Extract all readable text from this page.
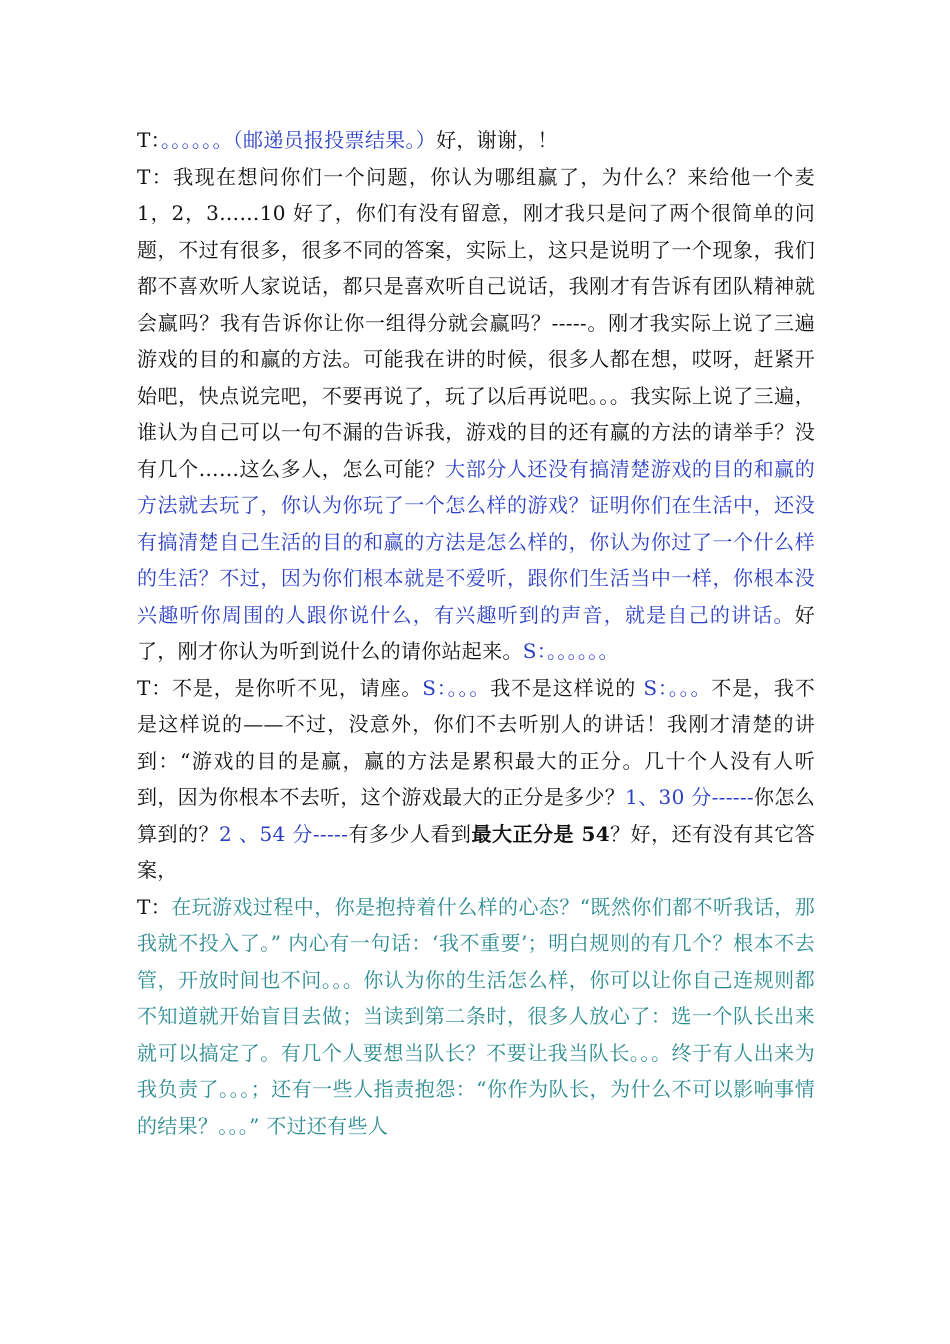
T：。。。。。。（邮递员报投票结果。）好，谢谢，！

T：我现在想问你们一个问题，你认为哪组赢了，为什么？来给他一个麦 1，2，3……10 好了，你们有没有留意，刚才我只是问了两个很简单的问题，不过有很多，很多不同的答案，实际上，这只是说明了一个现象，我们都不喜欢听人家说话，都只是喜欢听自己说话，我刚才有告诉有团队精神就会赢吗？我有告诉你让你一组得分就会赢吗？-----。刚才我实际上说了三遍游戏的目的和赢的方法。可能我在讲的时候，很多人都在想，哎呀，赶紧开始吧，快点说完吧，不要再说了，玩了以后再说吧。。。我实际上说了三遍，谁认为自己可以一句不漏的告诉我，游戏的目的还有赢的方法的请举手？没有几个……这么多人，怎么可能？大部分人还没有搞清楚游戏的目的和赢的方法就去玩了，你认为你玩了一个怎么样的游戏？证明你们在生活中，还没有搞清楚自己生活的目的和赢的方法是怎么样的，你认为你过了一个什么样的生活？不过，因为你们根本就是不爱听，跟你们生活当中一样，你根本没兴趣听你周围的人跟你说什么，有兴趣听到的声音，就是自己的讲话。好了，刚才你认为听到说什么的请你站起来。S：。。。。。。

T：不是，是你听不见，请座。S：。。。我不是这样说的 S：。。。不是，我不是这样说的——不过，没意外，你们不去听别人的讲话！我刚才清楚的讲到：“游戏的目的是赢，赢的方法是累积最大的正分。几十个人没有人听到，因为你根本不去听，这个游戏最大的正分是多少？1、30 分------你怎么算到的？2 、54 分-----有多少人看到最大正分是 54？好，还有没有其它答案，

T：在玩游戏过程中，你是抱持着什么样的心态？“既然你们都不听我话，那我就不投入了。” 内心有一句话：‘我不重要’；明白规则的有几个？根本不去管，开放时间也不问。。。你认为你的生活怎么样，你可以让你自己连规则都不知道就开始盲目去做；当读到第二条时，很多人放心了：选一个队长出来就可以搞定了。有几个人要想当队长？不要让我当队长。。。终于有人出来为我负责了。。。；还有一些人指责抱怨：“你作为队长，为什么不可以影响事情的结果？。。。” 不过还有些人
